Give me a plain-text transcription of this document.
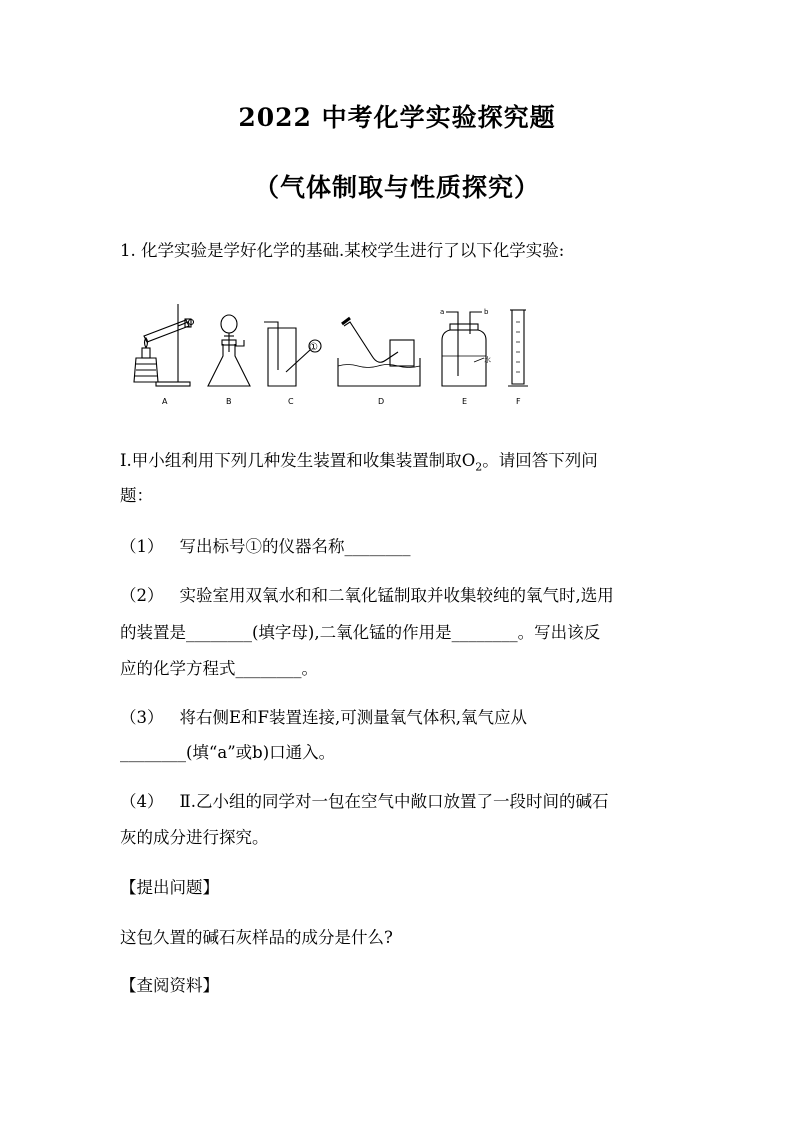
2022 中考化学实验探究题
（气体制取与性质探究）
1. 化学实验是学好化学的基础.某校学生进行了以下化学实验:
A	B
①
C	D
a	b
水
E	F
Ⅰ.甲小组利用下列几种发生装置和收集装置制取$O_2$。请回答下列问
题：
（1） 写出标号①的仪器名称________
（2） 实验室用双氧水和和二氧化锰制取并收集较纯的氧气时,选用
的装置是________(填字母),二氧化锰的作用是________。写出该反
应的化学方程式________。
（3） 将右侧E和F装置连接,可测量氧气体积,氧气应从
________(填“a”或b)口通入。
（4） Ⅱ.乙小组的同学对一包在空气中敞口放置了一段时间的碱石
灰的成分进行探究。
【提出问题】
这包久置的碱石灰样品的成分是什么?
【查阅资料】
